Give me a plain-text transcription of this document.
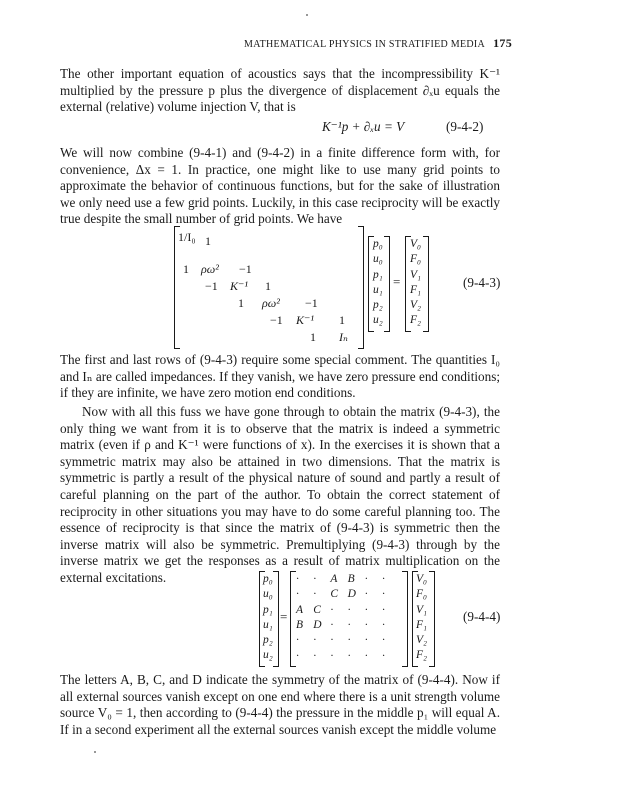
MATHEMATICAL PHYSICS IN STRATIFIED MEDIA 175

The other important equation of acoustics says that the incompressibility K⁻¹ multiplied by the pressure p plus the divergence of displacement ∂ₓu equals the external (relative) volume injection V, that is

K⁻¹p + ∂ₓu = V	(9-4-2)

We will now combine (9-4-1) and (9-4-2) in a finite difference form with, for convenience, Δx = 1. In practice, one might like to use many grid points to approximate the behavior of continuous functions, but for the sake of illustration we only need use a few grid points. Luckily, in this case reciprocity will be exactly true despite the small number of grid points. We have

1/I₀ 1
1 ρω² −1
−1 K⁻¹ 1
1 ρω² −1
−1 K⁻¹ 1
1 Iₙ
p₀
u₀
p₁
u₁
p₂
u₂
=
V₀
F₀
V₁
F₁
V₂
F₂
(9-4-3)

The first and last rows of (9-4-3) require some special comment. The quantities I₀ and Iₙ are called impedances. If they vanish, we have zero pressure end conditions; if they are infinite, we have zero motion end conditions.

Now with all this fuss we have gone through to obtain the matrix (9-4-3), the only thing we want from it is to observe that the matrix is indeed a symmetric matrix (even if ρ and K⁻¹ were functions of x). In the exercises it is shown that a symmetric matrix may also be attained in two dimensions. That the matrix is symmetric is partly a result of the physical nature of sound and partly a result of careful planning on the part of the author. To obtain the correct statement of reciprocity in other situations you may have to do some careful planning too. The essence of reciprocity is that since the matrix of (9-4-3) is symmetric then the inverse matrix will also be symmetric. Premultiplying (9-4-3) through by the inverse matrix we get the responses as a result of matrix multiplication on the external excitations.	p₀
u₀
p₁
u₁
p₂
u₂
=
· · A B · ·
· · C D · ·
A C · · · ·
B D · · · ·
· · · · · ·
· · · · · ·
V₀
F₀
V₁
F₁
V₂
F₂
(9-4-4)

The letters A, B, C, and D indicate the symmetry of the matrix of (9-4-4). Now if all external sources vanish except on one end where there is a unit strength volume source V₀ = 1, then according to (9-4-4) the pressure in the middle p₁ will equal A. If in a second experiment all the external sources vanish except the middle volume
